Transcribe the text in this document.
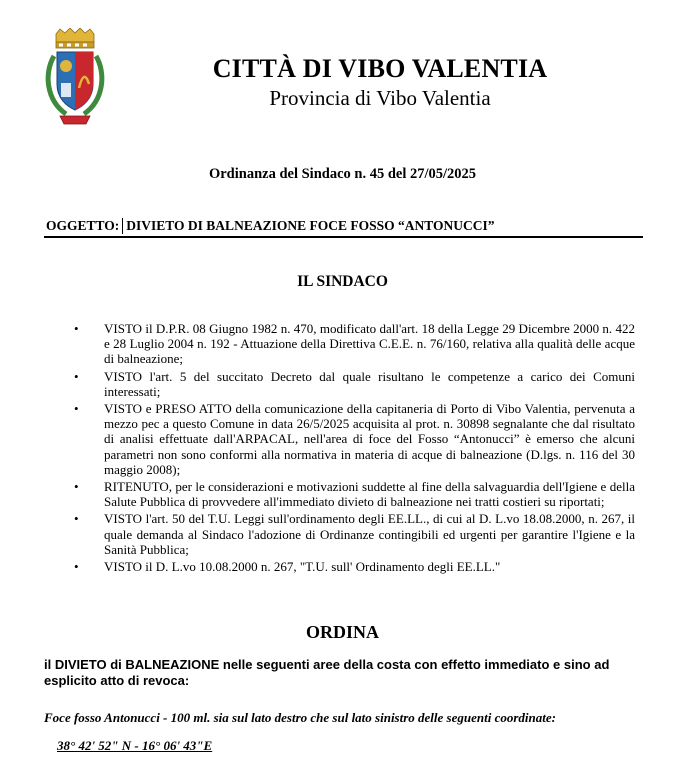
CITTÀ DI VIBO VALENTIA
Provincia di Vibo Valentia
Ordinanza del Sindaco n. 45 del 27/05/2025
OGGETTO: DIVIETO DI BALNEAZIONE FOCE FOSSO “ANTONUCCI”
IL SINDACO
• VISTO il D.P.R. 08 Giugno 1982 n. 470, modificato dall'art. 18 della Legge 29 Dicembre 2000 n. 422 e 28 Luglio 2004 n. 192 - Attuazione della Direttiva C.E.E. n. 76/160, relativa alla qualità delle acque di balneazione;
• VISTO l'art. 5 del succitato Decreto dal quale risultano le competenze a carico dei Comuni interessati;
• VISTO e PRESO ATTO della comunicazione della capitaneria di Porto di Vibo Valentia, pervenuta a mezzo pec a questo Comune in data 26/5/2025 acquisita al prot. n. 30898 segnalante che dal risultato di analisi effettuate dall'ARPACAL, nell'area di foce del Fosso “Antonucci” è emerso che alcuni parametri non sono conformi alla normativa in materia di acque di balneazione (D.lgs. n. 116 del 30 maggio 2008);
• RITENUTO, per le considerazioni e motivazioni suddette al fine della salvaguardia dell'Igiene e della Salute Pubblica di provvedere all'immediato divieto di balneazione nei tratti costieri su riportati;
• VISTO l'art. 50 del T.U. Leggi sull'ordinamento degli EE.LL., di cui al D. L.vo 18.08.2000, n. 267, il quale demanda al Sindaco l'adozione di Ordinanze contingibili ed urgenti per garantire l'Igiene e la Sanità Pubblica;
• VISTO il D. L.vo 10.08.2000 n. 267, "T.U. sull' Ordinamento degli EE.LL."
ORDINA
il DIVIETO di BALNEAZIONE nelle seguenti aree della costa con effetto immediato e sino ad esplicito atto di revoca:
Foce fosso Antonucci - 100 ml. sia sul lato destro che sul lato sinistro delle seguenti coordinate:
38° 42' 52" N - 16° 06' 43"E
